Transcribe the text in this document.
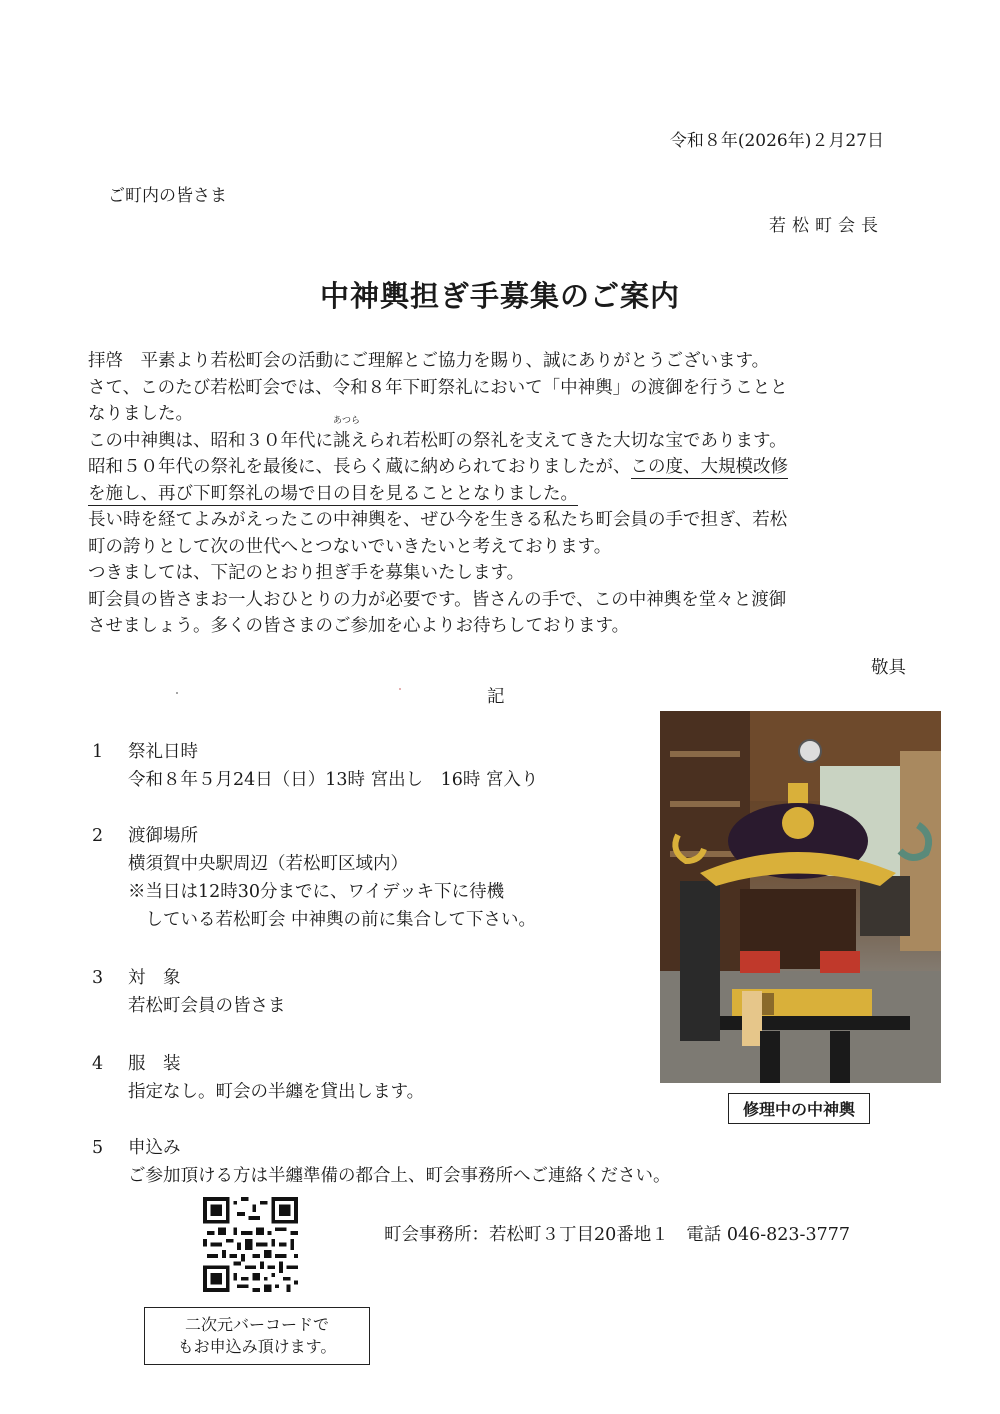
令和８年(2026年)２月27日
ご町内の皆さま
若松町会長
中神輿担ぎ手募集のご案内

拝啓　平素より若松町会の活動にご理解とご協力を賜り、誠にありがとうございます。

さて、このたび若松町会では、令和８年下町祭礼において「中神輿」の渡御を行うことと

なりました。

この中神輿は、昭和３０年代に
あつら
誂えられ若松町の祭礼を支えてきた大切な宝であります。

昭和５０年代の祭礼を最後に、長らく蔵に納められておりましたが、この度、大規模改修

を施し、再び下町祭礼の場で日の目を見ることとなりました。

長い時を経てよみがえったこの中神輿を、ぜひ今を生きる私たち町会員の手で担ぎ、若松

町の誇りとして次の世代へとつないでいきたいと考えております。

つきましては、下記のとおり担ぎ手を募集いたします。

町会員の皆さまお一人おひとりの力が必要です。皆さんの手で、この中神輿を堂々と渡御

させましょう。多くの皆さまのご参加を心よりお待ちしております。

敬具
記
1	祭礼日時
令和８年５月24日（日）13時 宮出し　16時 宮入り
2	渡御場所
横須賀中央駅周辺（若松町区域内）
※当日は12時30分までに、ワイデッキ下に待機
　している若松町会 中神輿の前に集合して下さい。
3	対　象
若松町会員の皆さま
4	服　装
指定なし。町会の半纏を貸出します。
5	申込み
ご参加頂ける方は半纏準備の都合上、町会事務所へご連絡ください。
修理中の中神輿
町会事務所：若松町３丁目20番地１　電話 046-823-3777
二次元バーコードで
もお申込み頂けます。
